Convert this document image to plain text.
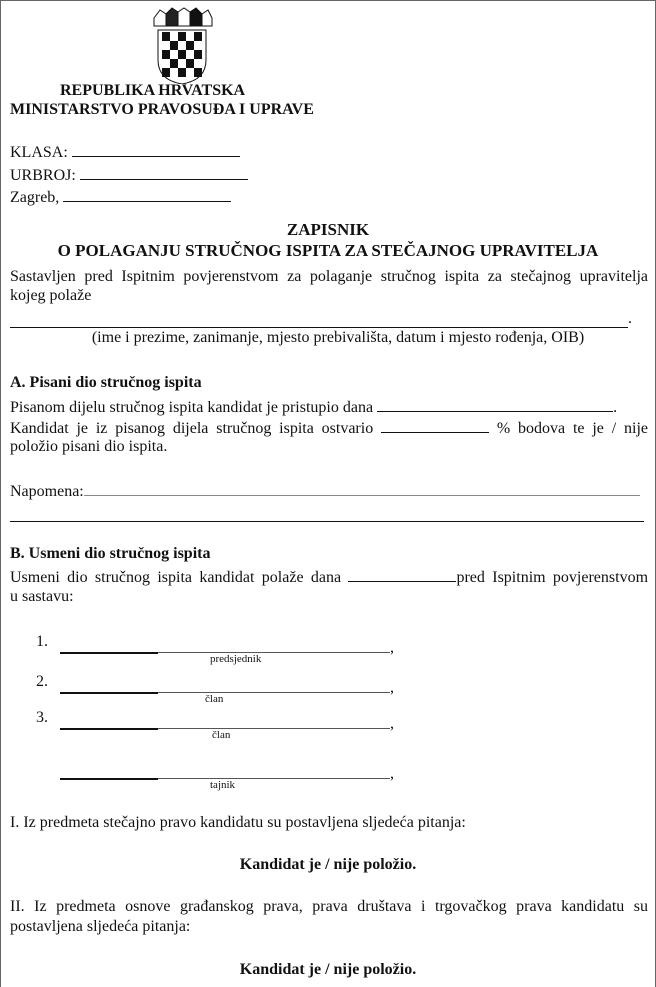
REPUBLIKA HRVATSKA
MINISTARSTVO PRAVOSUĐA I UPRAVE
KLASA:
URBROJ:
Zagreb,
ZAPISNIK
O POLAGANJU STRUČNOG ISPITA ZA STEČAJNOG UPRAVITELJA
Sastavljen pred Ispitnim povjerenstvom za polaganje stručnog ispita za stečajnog upravitelja
kojeg polaže
.
(ime i prezime, zanimanje, mjesto prebivališta, datum i mjesto rođenja, OIB)
A. Pisani dio stručnog ispita
Pisanom dijelu stručnog ispita kandidat je pristupio dana	.
Kandidat je iz pisanog dijela stručnog ispita ostvario	% bodova te je / nije
položio pisani dio ispita.
Napomena:
B. Usmeni dio stručnog ispita
Usmeni dio stručnog ispita kandidat polaže dana	pred Ispitnim povjerenstvom
u sastavu:
1.	,
predsjednik
2.	,
član
3.	,
član
,
tajnik
I. Iz predmeta stečajno pravo kandidatu su postavljena sljedeća pitanja:
Kandidat je / nije položio.
II. Iz predmeta osnove građanskog prava, prava društava i trgovačkog prava kandidatu su
postavljena sljedeća pitanja:
Kandidat je / nije položio.
